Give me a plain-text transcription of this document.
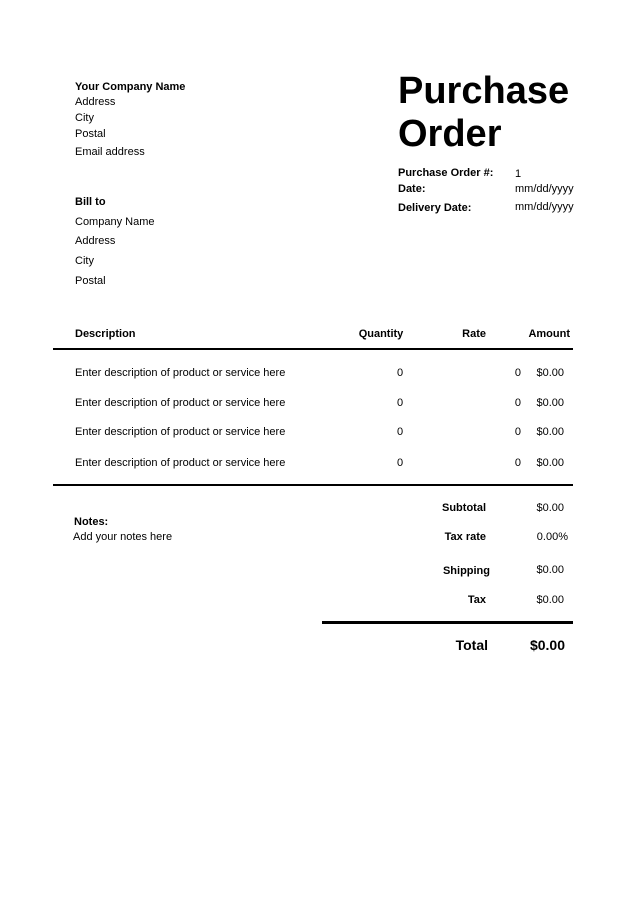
Your Company Name
Address
City
Postal
Email address
Purchase Order
Purchase Order #: 1
Date:	mm/dd/yyyy
Delivery Date:	mm/dd/yyyy
Bill to
Company Name
Address
City
Postal
Description	Quantity	Rate	Amount
Enter description of product or service here	0	0	$0.00
Enter description of product or service here	0	0	$0.00
Enter description of product or service here	0	0	$0.00
Enter description of product or service here	0	0	$0.00
Notes:
Add your notes here
Subtotal	$0.00
Tax rate	0.00%
Shipping	$0.00
Tax	$0.00
Total	$0.00
